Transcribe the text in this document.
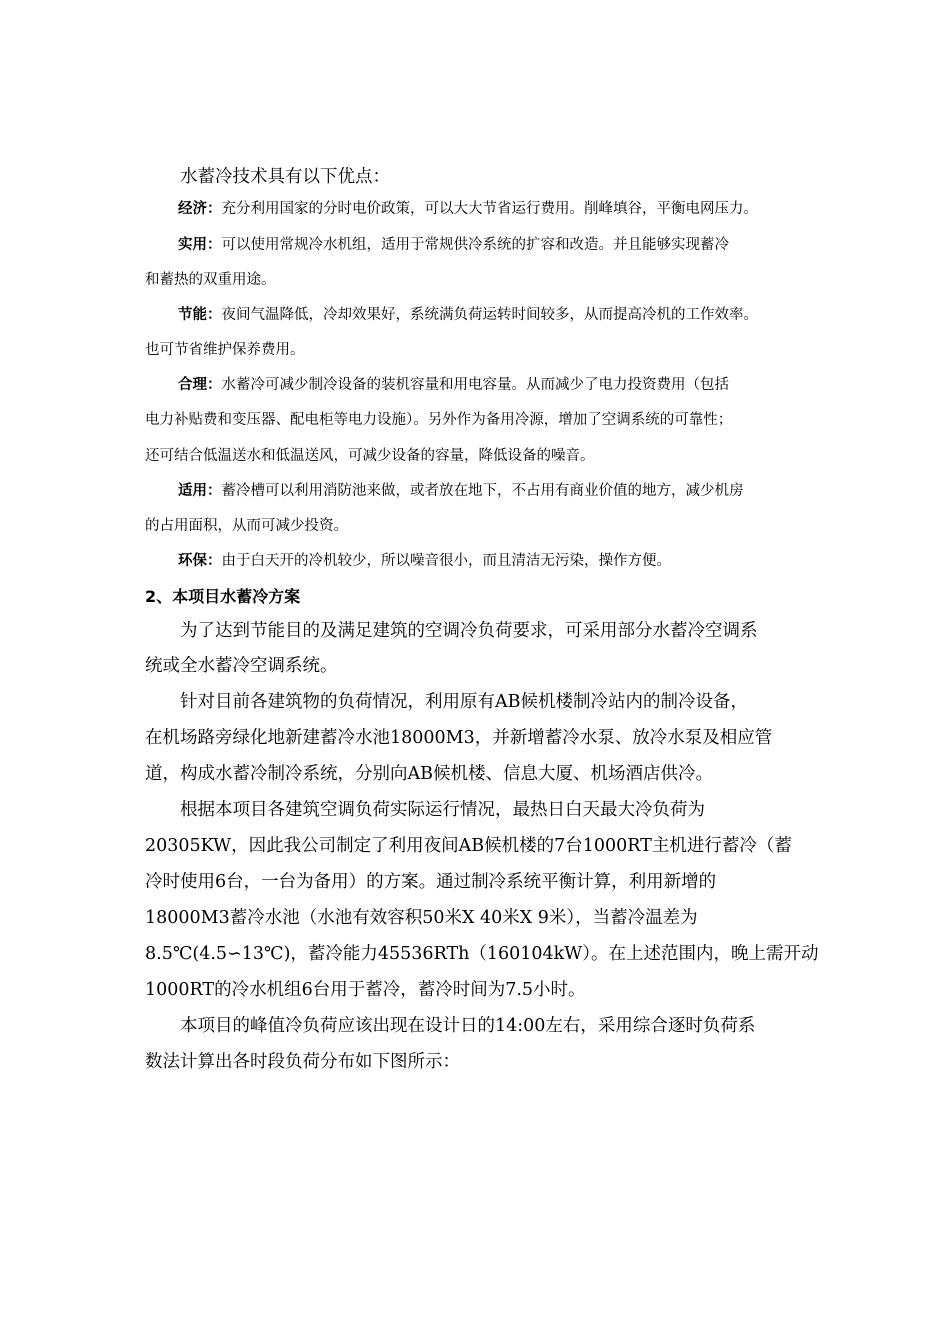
水蓄冷技术具有以下优点：
经济：充分利用国家的分时电价政策，可以大大节省运行费用。削峰填谷，平衡电网压力。
实用：可以使用常规冷水机组，适用于常规供冷系统的扩容和改造。并且能够实现蓄冷
和蓄热的双重用途。
节能：夜间气温降低，冷却效果好，系统满负荷运转时间较多，从而提高冷机的工作效率。
也可节省维护保养费用。
合理：水蓄冷可减少制冷设备的装机容量和用电容量。从而减少了电力投资费用（包括
电力补贴费和变压器、配电柜等电力设施）。另外作为备用冷源，增加了空调系统的可靠性；
还可结合低温送水和低温送风，可减少设备的容量，降低设备的噪音。
适用：蓄冷槽可以利用消防池来做，或者放在地下，不占用有商业价值的地方，减少机房
的占用面积，从而可减少投资。
环保：由于白天开的冷机较少，所以噪音很小，而且清洁无污染，操作方便。
2、本项目水蓄冷方案
为了达到节能目的及满足建筑的空调冷负荷要求，可采用部分水蓄冷空调系
统或全水蓄冷空调系统。
针对目前各建筑物的负荷情况，利用原有AB候机楼制冷站内的制冷设备，
在机场路旁绿化地新建蓄冷水池18000M3，并新增蓄冷水泵、放冷水泵及相应管
道，构成水蓄冷制冷系统，分别向AB候机楼、信息大厦、机场酒店供冷。
根据本项目各建筑空调负荷实际运行情况，最热日白天最大冷负荷为
20305KW，因此我公司制定了利用夜间AB候机楼的7台1000RT主机进行蓄冷（蓄
冷时使用6台，一台为备用）的方案。通过制冷系统平衡计算，利用新增的
18000M3蓄冷水池（水池有效容积50米X 40米X 9米），当蓄冷温差为
8.5℃(4.5∽13℃)，蓄冷能力45536RTh（160104kW）。在上述范围内，晚上需开动
1000RT的冷水机组6台用于蓄冷，蓄冷时间为7.5小时。
本项目的峰值冷负荷应该出现在设计日的14:00左右，采用综合逐时负荷系
数法计算出各时段负荷分布如下图所示：
